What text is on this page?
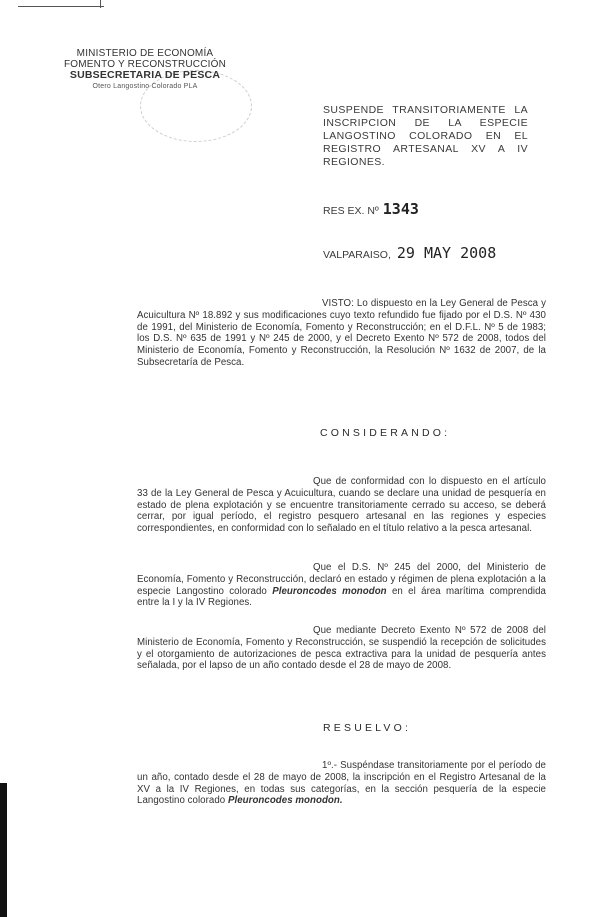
MINISTERIO DE ECONOMÍA
FOMENTO Y RECONSTRUCCIÓN
SUBSECRETARIA DE PESCA
Otero Langostino Colorado PLA
SUSPENDE TRANSITORIAMENTE LA INSCRIPCION DE LA ESPECIE LANGOSTINO COLORADO EN EL REGISTRO ARTESANAL XV A IV REGIONES.
RES EX. Nº 1343
VALPARAISO, 29 MAY 2008
VISTO: Lo dispuesto en la Ley General de Pesca y Acuicultura Nº 18.892 y sus modificaciones cuyo texto refundido fue fijado por el D.S. Nº 430 de 1991, del Ministerio de Economía, Fomento y Reconstrucción; en el D.F.L. Nº 5 de 1983; los D.S. Nº 635 de 1991 y Nº 245 de 2000, y el Decreto Exento Nº 572 de 2008, todos del Ministerio de Economía, Fomento y Reconstrucción, la Resolución Nº 1632 de 2007, de la Subsecretaría de Pesca.
CONSIDERANDO:
Que de conformidad con lo dispuesto en el artículo 33 de la Ley General de Pesca y Acuicultura, cuando se declare una unidad de pesquería en estado de plena explotación y se encuentre transitoriamente cerrado su acceso, se deberá cerrar, por igual período, el registro pesquero artesanal en las regiones y especies correspondientes, en conformidad con lo señalado en el título relativo a la pesca artesanal.
Que el D.S. Nº 245 del 2000, del Ministerio de Economía, Fomento y Reconstrucción, declaró en estado y régimen de plena explotación a la especie Langostino colorado Pleuroncodes monodon en el área marítima comprendida entre la I y la IV Regiones.
Que mediante Decreto Exento Nº 572 de 2008 del Ministerio de Economía, Fomento y Reconstrucción, se suspendió la recepción de solicitudes y el otorgamiento de autorizaciones de pesca extractiva para la unidad de pesquería antes señalada, por el lapso de un año contado desde el 28 de mayo de 2008.
RESUELVO:
1º.- Suspéndase transitoriamente por el período de un año, contado desde el 28 de mayo de 2008, la inscripción en el Registro Artesanal de la XV a la IV Regiones, en todas sus categorías, en la sección pesquería de la especie Langostino colorado Pleuroncodes monodon.
